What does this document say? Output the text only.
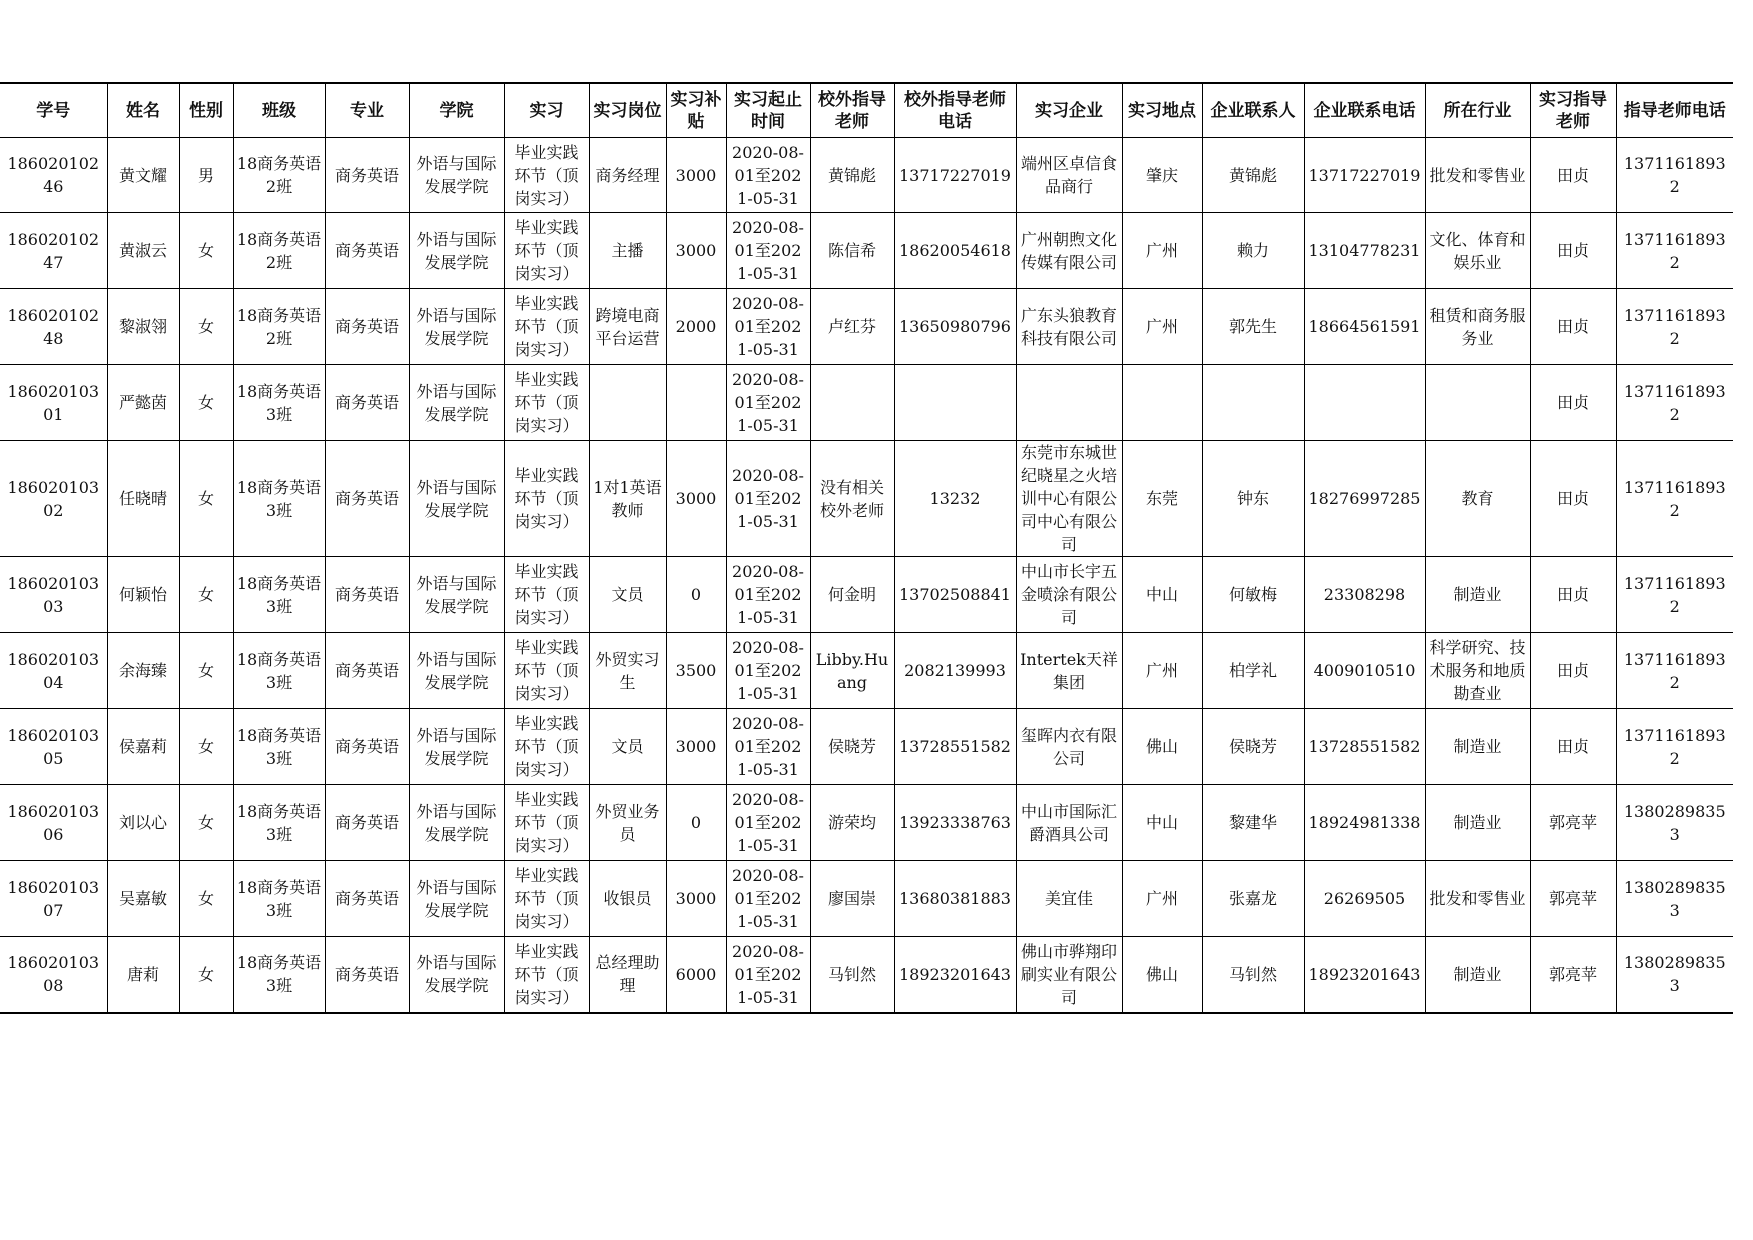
学号	姓名	性别	班级	专业	学院	实习	实习岗位	实习补贴	实习起止时间	校外指导老师	校外指导老师电话	实习企业	实习地点	企业联系人	企业联系电话	所在行业	实习指导老师	指导老师电话

18602010246	黄文耀	男	18商务英语2班	商务英语	外语与国际发展学院	毕业实践环节（顶岗实习）	商务经理	3000	2020-08-01至2021-05-31	黄锦彪	13717227019	端州区卓信食品商行	肇庆	黄锦彪	13717227019	批发和零售业	田贞	13711618932

18602010247	黄淑云	女	18商务英语2班	商务英语	外语与国际发展学院	毕业实践环节（顶岗实习）	主播	3000	2020-08-01至2021-05-31	陈信希	18620054618	广州朝煦文化传媒有限公司	广州	赖力	13104778231	文化、体育和娱乐业	田贞	13711618932

18602010248	黎淑翎	女	18商务英语2班	商务英语	外语与国际发展学院	毕业实践环节（顶岗实习）	跨境电商平台运营	2000	2020-08-01至2021-05-31	卢红芬	13650980796	广东头狼教育科技有限公司	广州	郭先生	18664561591	租赁和商务服务业	田贞	13711618932

18602010301	严懿茵	女	18商务英语3班	商务英语	外语与国际发展学院	毕业实践环节（顶岗实习）			2020-08-01至2021-05-31								田贞	13711618932

18602010302	任晓晴	女	18商务英语3班	商务英语	外语与国际发展学院	毕业实践环节（顶岗实习）	1对1英语教师	3000	2020-08-01至2021-05-31	没有相关校外老师	13232	东莞市东城世纪晓星之火培训中心有限公司中心有限公司	东莞	钟东	18276997285	教育	田贞	13711618932

18602010303	何颖怡	女	18商务英语3班	商务英语	外语与国际发展学院	毕业实践环节（顶岗实习）	文员	0	2020-08-01至2021-05-31	何金明	13702508841	中山市长宇五金喷涂有限公司	中山	何敏梅	23308298	制造业	田贞	13711618932

18602010304	余海臻	女	18商务英语3班	商务英语	外语与国际发展学院	毕业实践环节（顶岗实习）	外贸实习生	3500	2020-08-01至2021-05-31	Libby.Huang	2082139993	Intertek天祥集团	广州	柏学礼	4009010510	科学研究、技术服务和地质勘查业	田贞	13711618932

18602010305	侯嘉莉	女	18商务英语3班	商务英语	外语与国际发展学院	毕业实践环节（顶岗实习）	文员	3000	2020-08-01至2021-05-31	侯晓芳	13728551582	玺晖内衣有限公司	佛山	侯晓芳	13728551582	制造业	田贞	13711618932

18602010306	刘以心	女	18商务英语3班	商务英语	外语与国际发展学院	毕业实践环节（顶岗实习）	外贸业务员	0	2020-08-01至2021-05-31	游荣均	13923338763	中山市国际汇爵酒具公司	中山	黎建华	18924981338	制造业	郭亮苹	13802898353

18602010307	吴嘉敏	女	18商务英语3班	商务英语	外语与国际发展学院	毕业实践环节（顶岗实习）	收银员	3000	2020-08-01至2021-05-31	廖国崇	13680381883	美宜佳	广州	张嘉龙	26269505	批发和零售业	郭亮苹	13802898353

18602010308	唐莉	女	18商务英语3班	商务英语	外语与国际发展学院	毕业实践环节（顶岗实习）	总经理助理	6000	2020-08-01至2021-05-31	马钊然	18923201643	佛山市骅翔印刷实业有限公司	佛山	马钊然	18923201643	制造业	郭亮苹	13802898353
